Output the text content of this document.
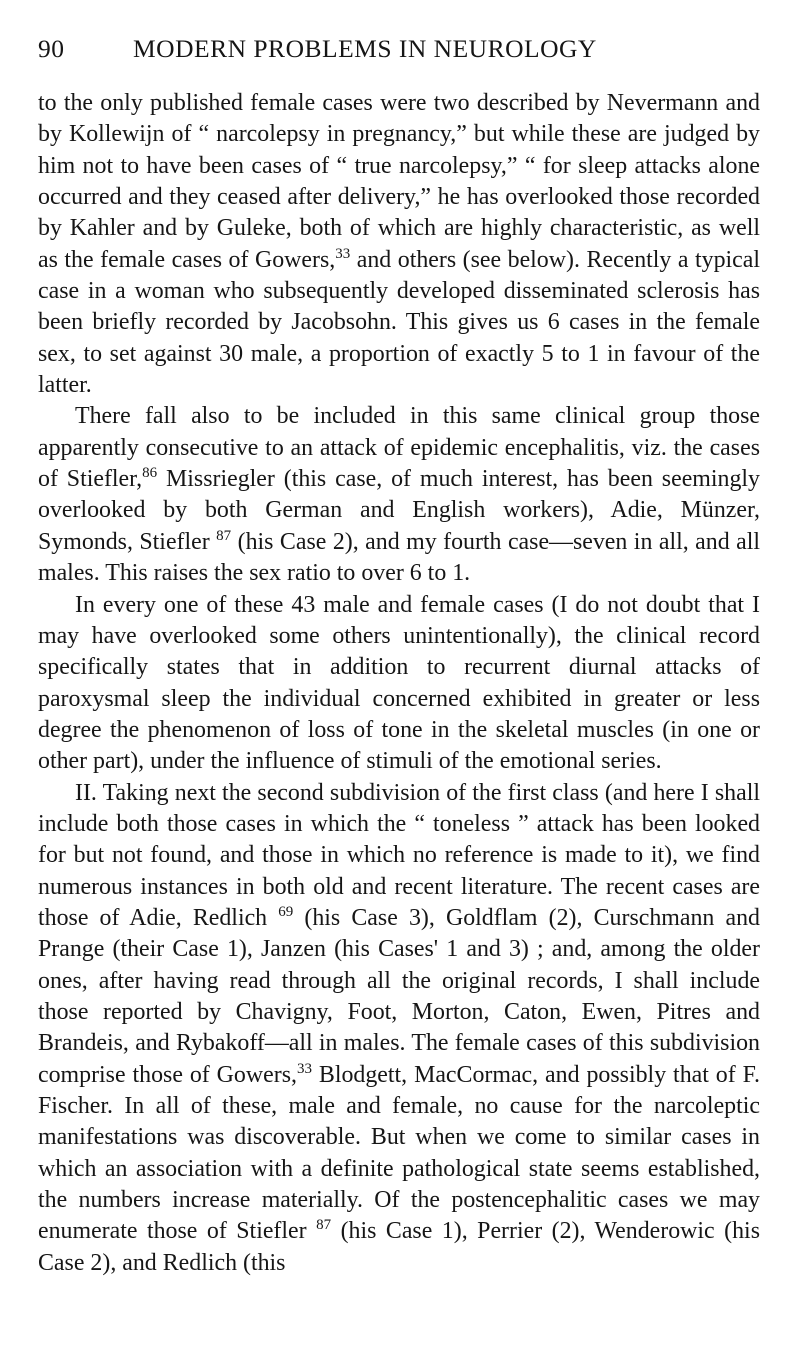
90	MODERN PROBLEMS IN NEUROLOGY

to the only published female cases were two described by Nevermann and by Kollewijn of “ narcolepsy in pregnancy,” but while these are judged by him not to have been cases of “ true narcolepsy,” “ for sleep attacks alone occurred and they ceased after delivery,” he has overlooked those recorded by Kahler and by Guleke, both of which are highly characteristic, as well as the female cases of Gowers,$^{33}$ and others (see below). Recently a typical case in a woman who subsequently developed disseminated sclerosis has been briefly recorded by Jacobsohn. This gives us 6 cases in the female sex, to set against 30 male, a proportion of exactly 5 to 1 in favour of the latter.

There fall also to be included in this same clinical group those apparently consecutive to an attack of epidemic encephalitis, viz. the cases of Stiefler,$^{86}$ Missriegler (this case, of much interest, has been seemingly overlooked by both German and English workers), Adie, Münzer, Symonds, Stiefler $^{87}$ (his Case 2), and my fourth case—seven in all, and all males. This raises the sex ratio to over 6 to 1.

In every one of these 43 male and female cases (I do not doubt that I may have overlooked some others unintentionally), the clinical record specifically states that in addition to recurrent diurnal attacks of paroxysmal sleep the individual concerned exhibited in greater or less degree the phenomenon of loss of tone in the skeletal muscles (in one or other part), under the influence of stimuli of the emotional series.

II. Taking next the second subdivision of the first class (and here I shall include both those cases in which the “ toneless ” attack has been looked for but not found, and those in which no reference is made to it), we find numerous instances in both old and recent literature. The recent cases are those of Adie, Redlich $^{69}$ (his Case 3), Goldflam (2), Curschmann and Prange (their Case 1), Janzen (his Cases' 1 and 3) ; and, among the older ones, after having read through all the original records, I shall include those reported by Chavigny, Foot, Morton, Caton, Ewen, Pitres and Brandeis, and Rybakoff—all in males. The female cases of this subdivision comprise those of Gowers,$^{33}$ Blodgett, MacCormac, and possibly that of F. Fischer. In all of these, male and female, no cause for the narcoleptic manifestations was discoverable. But when we come to similar cases in which an association with a definite pathological state seems established, the numbers increase materially. Of the postencephalitic cases we may enumerate those of Stiefler $^{87}$ (his Case 1), Perrier (2), Wenderowic (his Case 2), and Redlich (this
